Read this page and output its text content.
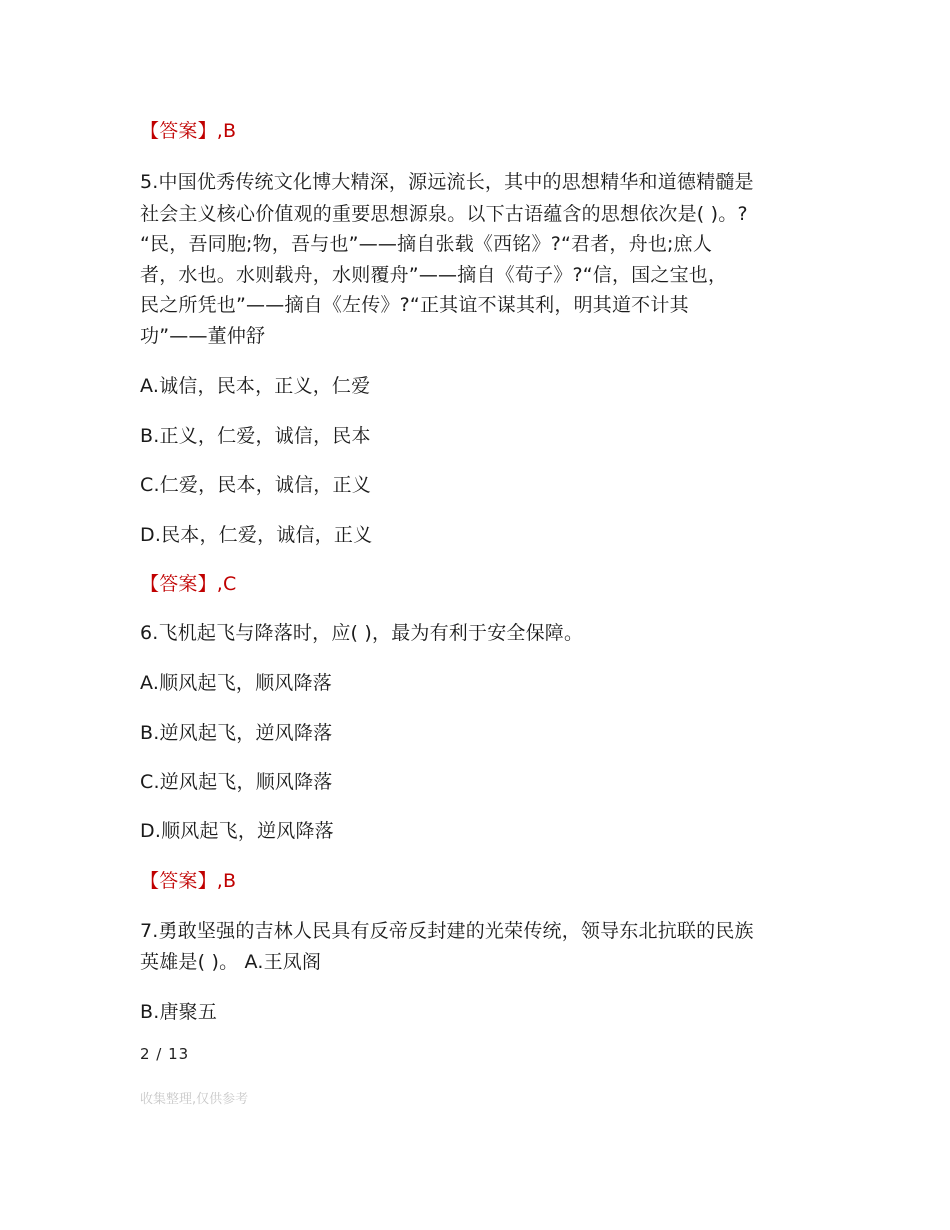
【答案】,B
5.中国优秀传统文化博大精深，源远流长，其中的思想精华和道德精髓是
社会主义核心价值观的重要思想源泉。以下古语蕴含的思想依次是( )。?
“民，吾同胞;物，吾与也”——摘自张载《西铭》?“君者，舟也;庶人
者，水也。水则载舟，水则覆舟”——摘自《荀子》?“信，国之宝也，
民之所凭也”——摘自《左传》?“正其谊不谋其利，明其道不计其
功”——董仲舒
A.诚信，民本，正义，仁爱
B.正义，仁爱，诚信，民本
C.仁爱，民本，诚信，正义
D.民本，仁爱，诚信，正义
【答案】,C
6.飞机起飞与降落时，应( )，最为有利于安全保障。
A.顺风起飞，顺风降落
B.逆风起飞，逆风降落
C.逆风起飞，顺风降落
D.顺风起飞，逆风降落
【答案】,B
7.勇敢坚强的吉林人民具有反帝反封建的光荣传统，领导东北抗联的民族
英雄是( )。 A.王凤阁
B.唐聚五
2 / 13
收集整理,仅供参考
